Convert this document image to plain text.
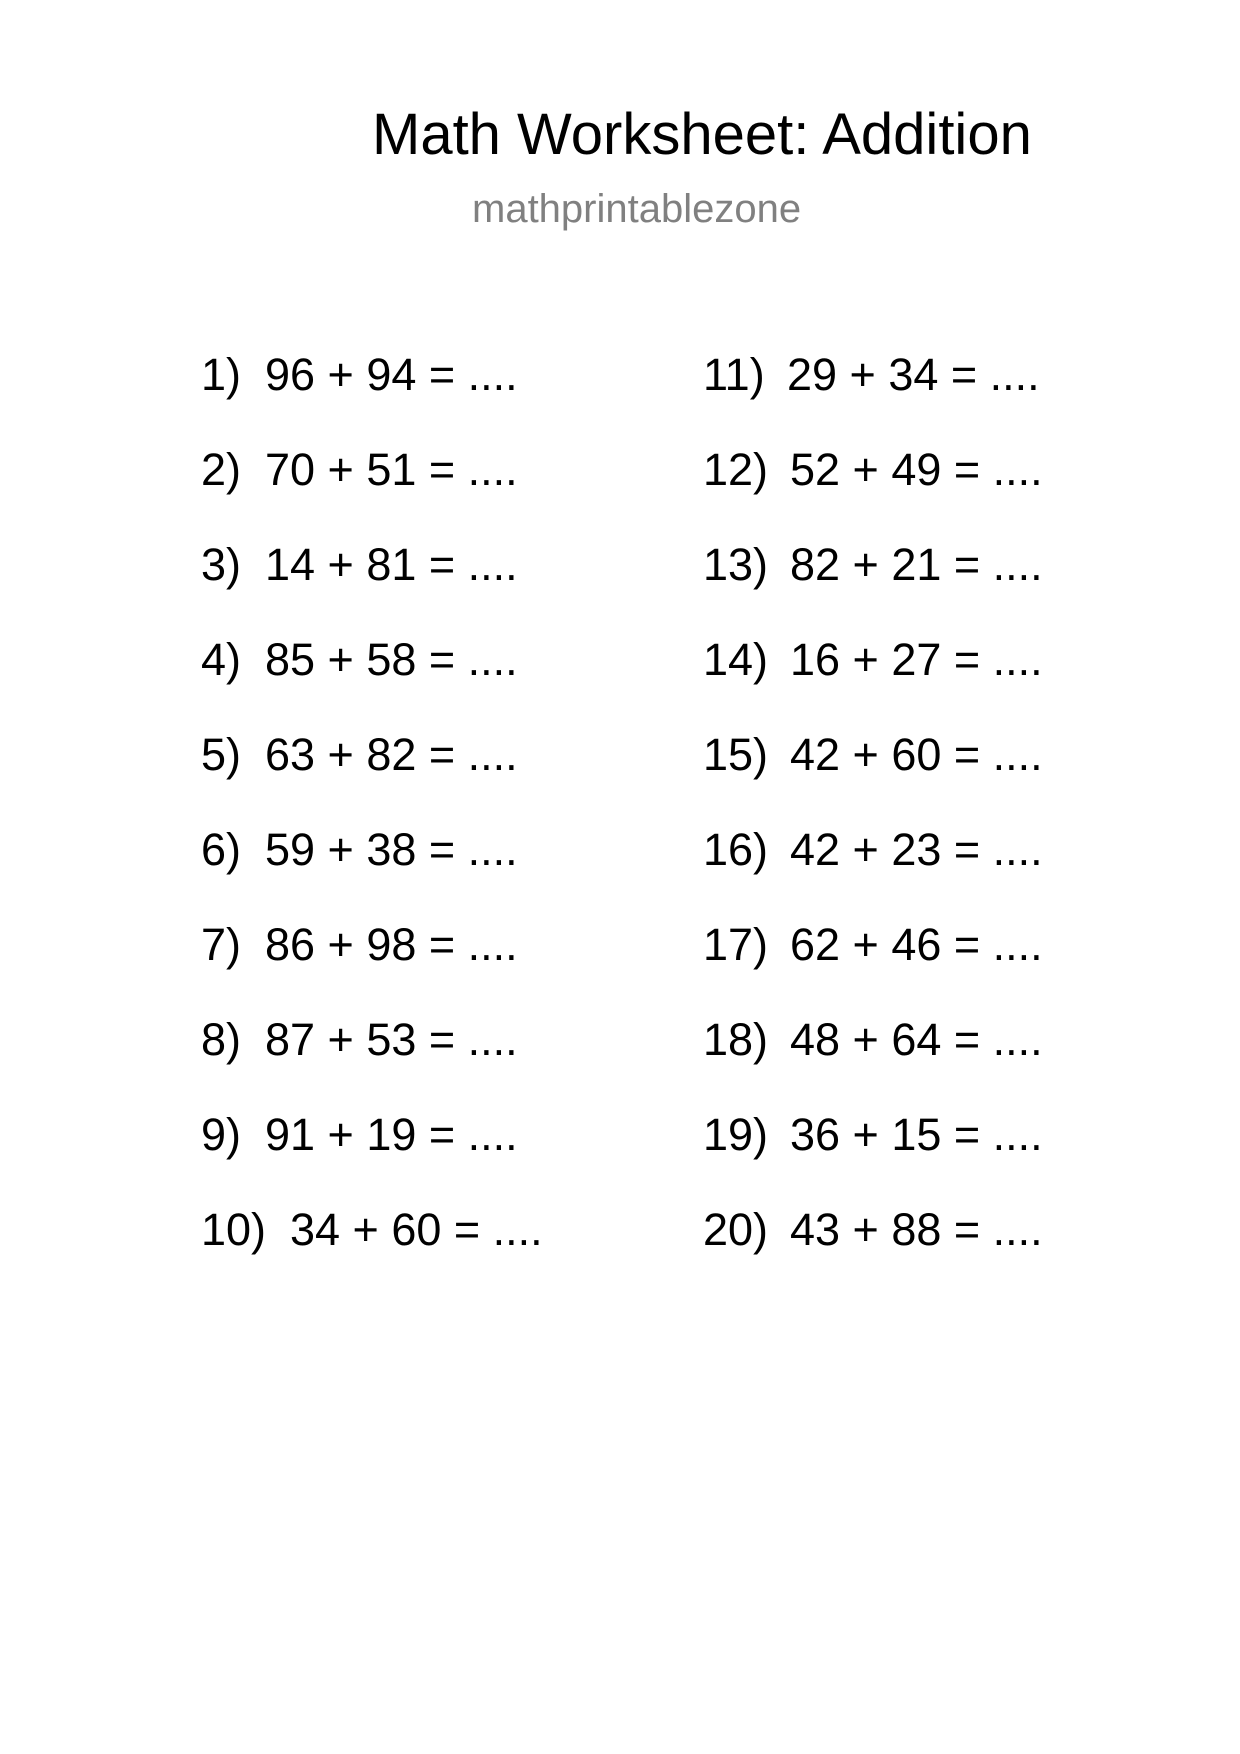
Math Worksheet: Addition
mathprintablezone
1) 96 + 94 = ....
2) 70 + 51 = ....
3) 14 + 81 = ....
4) 85 + 58 = ....
5) 63 + 82 = ....
6) 59 + 38 = ....
7) 86 + 98 = ....
8) 87 + 53 = ....
9) 91 + 19 = ....
10) 34 + 60 = ....
11) 29 + 34 = ....
12) 52 + 49 = ....
13) 82 + 21 = ....
14) 16 + 27 = ....
15) 42 + 60 = ....
16) 42 + 23 = ....
17) 62 + 46 = ....
18) 48 + 64 = ....
19) 36 + 15 = ....
20) 43 + 88 = ....
